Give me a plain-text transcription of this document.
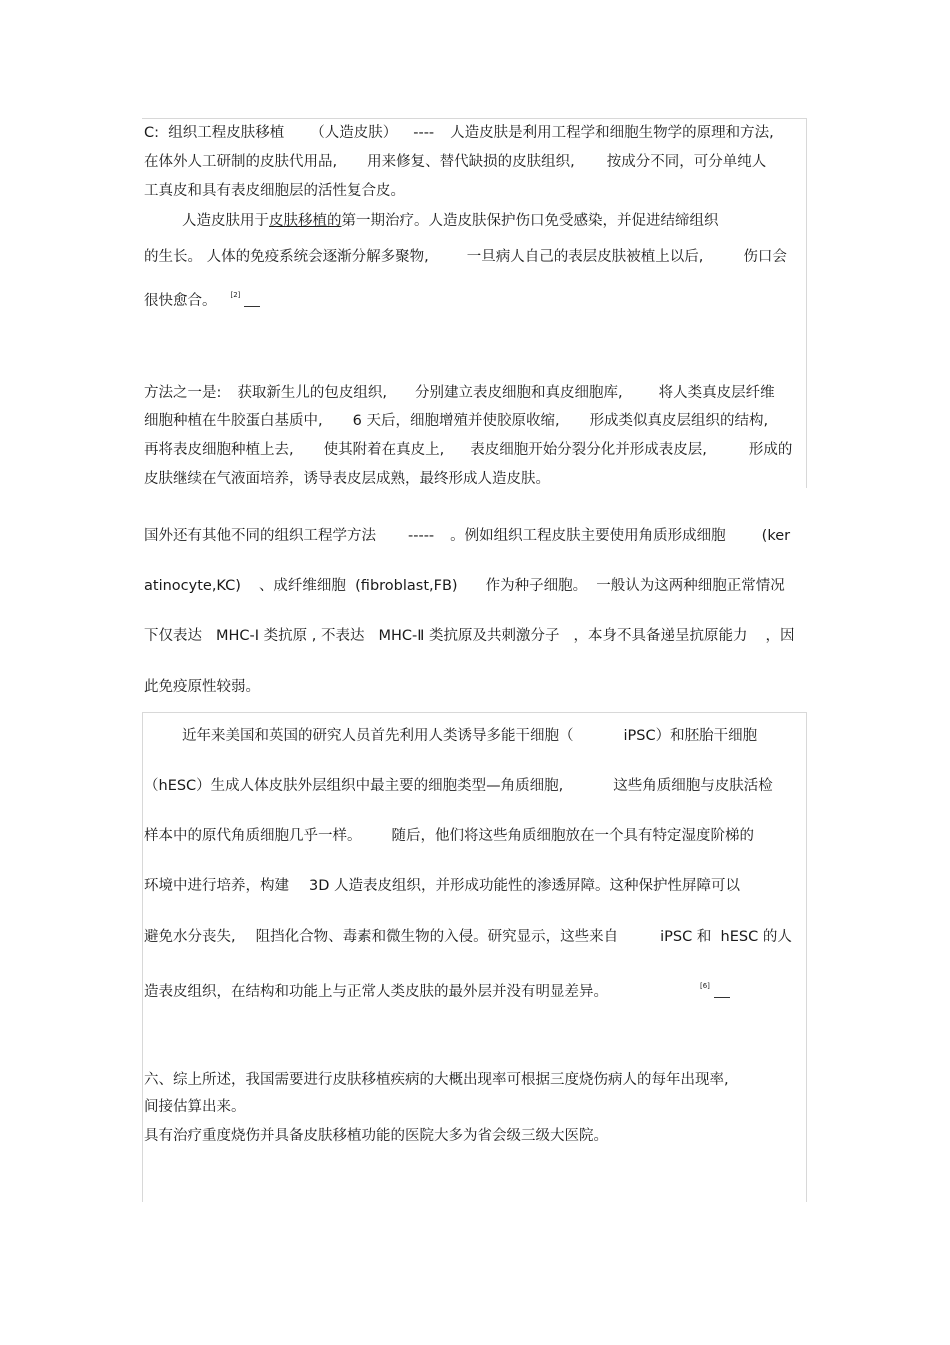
C:  组织工程皮肤移植 （人造皮肤） ---- 人造皮肤是利用工程学和细胞生物学的原理和方法,
在体外人工研制的皮肤代用品, 用来修复、替代缺损的皮肤组织, 按成分不同，可分单纯人
工真皮和具有表皮细胞层的活性复合皮。
人造皮肤用于皮肤移植的第一期治疗。人造皮肤保护伤口免受感染，并促进结缔组织
的生长。 人体的免疫系统会逐渐分解多聚物,	一旦病人自己的表层皮肤被植上以后,	伤口会
很快愈合。 [2]
方法之一是: 获取新生儿的包皮组织, 分别建立表皮细胞和真皮细胞库, 将人类真皮层纤维
细胞种植在牛胶蛋白基质中, 6 天后，细胞增殖并使胶原收缩, 形成类似真皮层组织的结构,
再将表皮细胞种植上去, 使其附着在真皮上, 表皮细胞开始分裂分化并形成表皮层,	形成的
皮肤继续在气液面培养，诱导表皮层成熟，最终形成人造皮肤。
国外还有其他不同的组织工程学方法 ----- 。例如组织工程皮肤主要使用角质形成细胞 (ker
atinocyte,KC) 、成纤维细胞  (fibroblast,FB) 作为种子细胞。  一般认为这两种细胞正常情况
下仅表达 MHC-Ⅰ 类抗原 , 不表达 MHC-Ⅱ 类抗原及共刺激分子 ，本身不具备递呈抗原能力 ，因
此免疫原性较弱。
近年来美国和英国的研究人员首先利用人类诱导多能干细胞（	iPSC）和胚胎干细胞
（hESC）生成人体皮肤外层组织中最主要的细胞类型—角质细胞,	这些角质细胞与皮肤活检
样本中的原代角质细胞几乎一样。 随后，他们将这些角质细胞放在一个具有特定湿度阶梯的
环境中进行培养，构建 3D 人造表皮组织，并形成功能性的渗透屏障。这种保护性屏障可以
避免水分丧失, 阻挡化合物、毒素和微生物的入侵。研究显示，这些来自	iPSC 和  hESC 的人
造表皮组织，在结构和功能上与正常人类皮肤的最外层并没有明显差异。	[6]
六、综上所述，我国需要进行皮肤移植疾病的大概出现率可根据三度烧伤病人的每年出现率,
间接估算出来。
具有治疗重度烧伤并具备皮肤移植功能的医院大多为省会级三级大医院。
